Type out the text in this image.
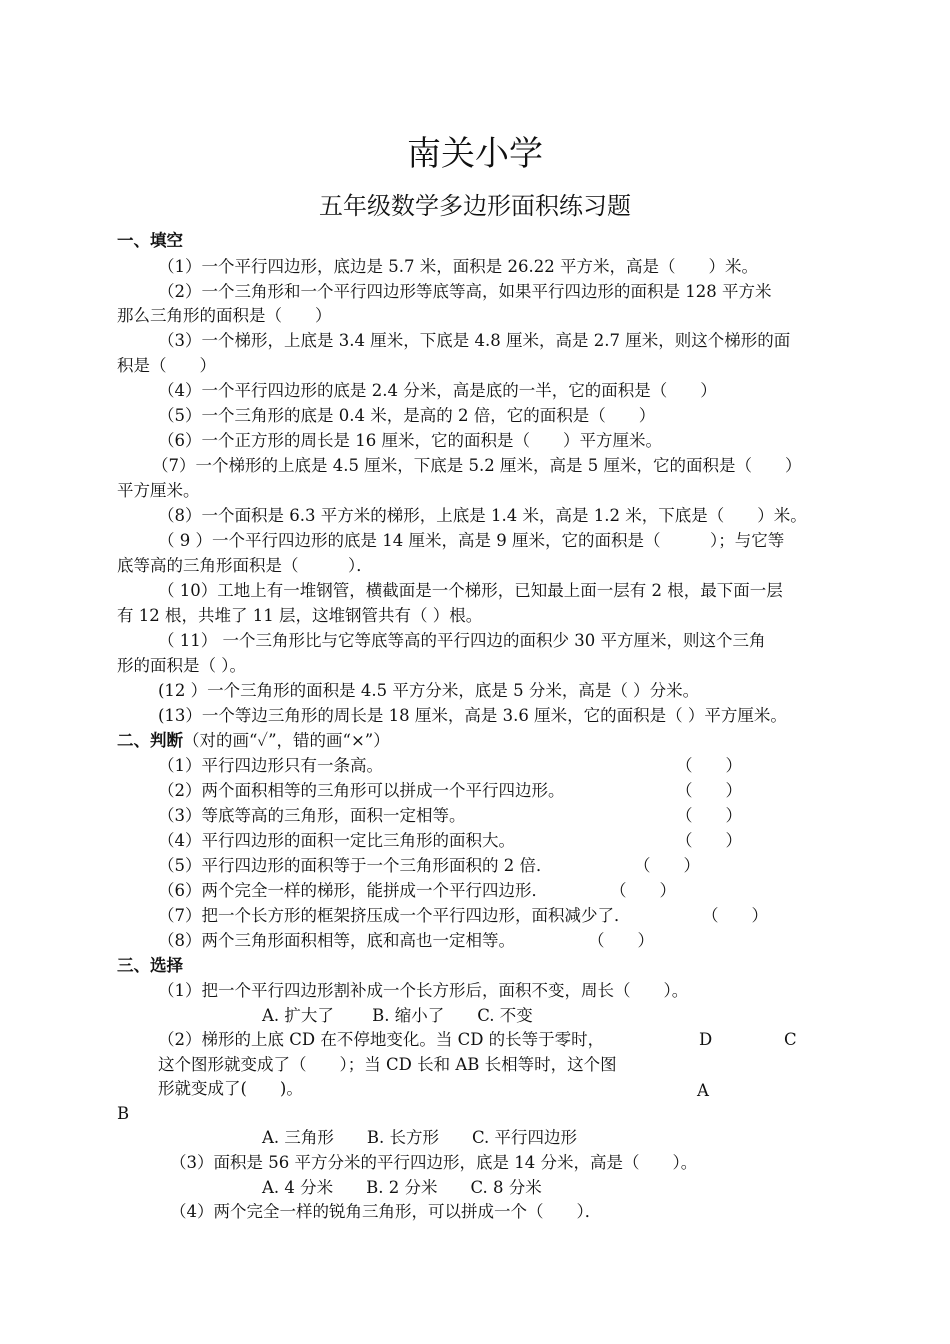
南关小学
五年级数学多边形面积练习题
一、填空
（1）一个平行四边形，底边是 5.7 米，面积是 26.22 平方米，高是（　　）米。
（2）一个三角形和一个平行四边形等底等高，如果平行四边形的面积是 128 平方米
那么三角形的面积是（　　）
（3）一个梯形，上底是 3.4 厘米，下底是 4.8 厘米，高是 2.7 厘米，则这个梯形的面
积是（　　）
（4）一个平行四边形的底是 2.4 分米，高是底的一半，它的面积是（　　）
（5）一个三角形的底是 0.4 米，是高的 2 倍，它的面积是（　　）
（6）一个正方形的周长是 16 厘米，它的面积是（　　）平方厘米。
（7）一个梯形的上底是 4.5 厘米，下底是 5.2 厘米，高是 5 厘米，它的面积是（　　）
平方厘米。
（8）一个面积是 6.3 平方米的梯形，上底是 1.4 米，高是 1.2 米，下底是（　　）米。
（ 9 ）一个平行四边形的底是 14 厘米，高是 9 厘米，它的面积是（　　　）；与它等
底等高的三角形面积是（　　　）．
（ 10）工地上有一堆钢管，横截面是一个梯形，已知最上面一层有 2 根，最下面一层
有 12 根，共堆了 11 层，这堆钢管共有（ ）根。
（ 11） 一个三角形比与它等底等高的平行四边的面积少 30 平方厘米，则这个三角
形的面积是（ ）。
(12 ）一个三角形的面积是 4.5 平方分米，底是 5 分米，高是（ ）分米。
(13）一个等边三角形的周长是 18 厘米，高是 3.6 厘米，它的面积是（ ）平方厘米。
二、判断（对的画“✓”，错的画“×”）
（1）平行四边形只有一条高。	（　　）
（2）两个面积相等的三角形可以拼成一个平行四边形。	（　　）
（3）等底等高的三角形，面积一定相等。	（　　）
（4）平行四边形的面积一定比三角形的面积大。	（　　）
（5）平行四边形的面积等于一个三角形面积的 2 倍．	（　　）
（6）两个完全一样的梯形，能拼成一个平行四边形．	（　　）
（7）把一个长方形的框架挤压成一个平行四边形，面积减少了．	（　　）
（8）两个三角形面积相等，底和高也一定相等。	（　　）
三、选择
（1）把一个平行四边形割补成一个长方形后，面积不变，周长（　　）。
A. 扩大了　　 B. 缩小了　　C. 不变
（2）梯形的上底 CD 在不停地变化。当 CD 的长等于零时，
这个图形就变成了（　　）；当 CD 长和 AB 长相等时，这个图
形就变成了(　　)。
D	C
A
B
A. 三角形　　B. 长方形　　C. 平行四边形
（3）面积是 56 平方分米的平行四边形，底是 14 分米，高是（　　）。
A. 4 分米　　B. 2 分米　　C. 8 分米
（4）两个完全一样的锐角三角形，可以拼成一个（　　）．
